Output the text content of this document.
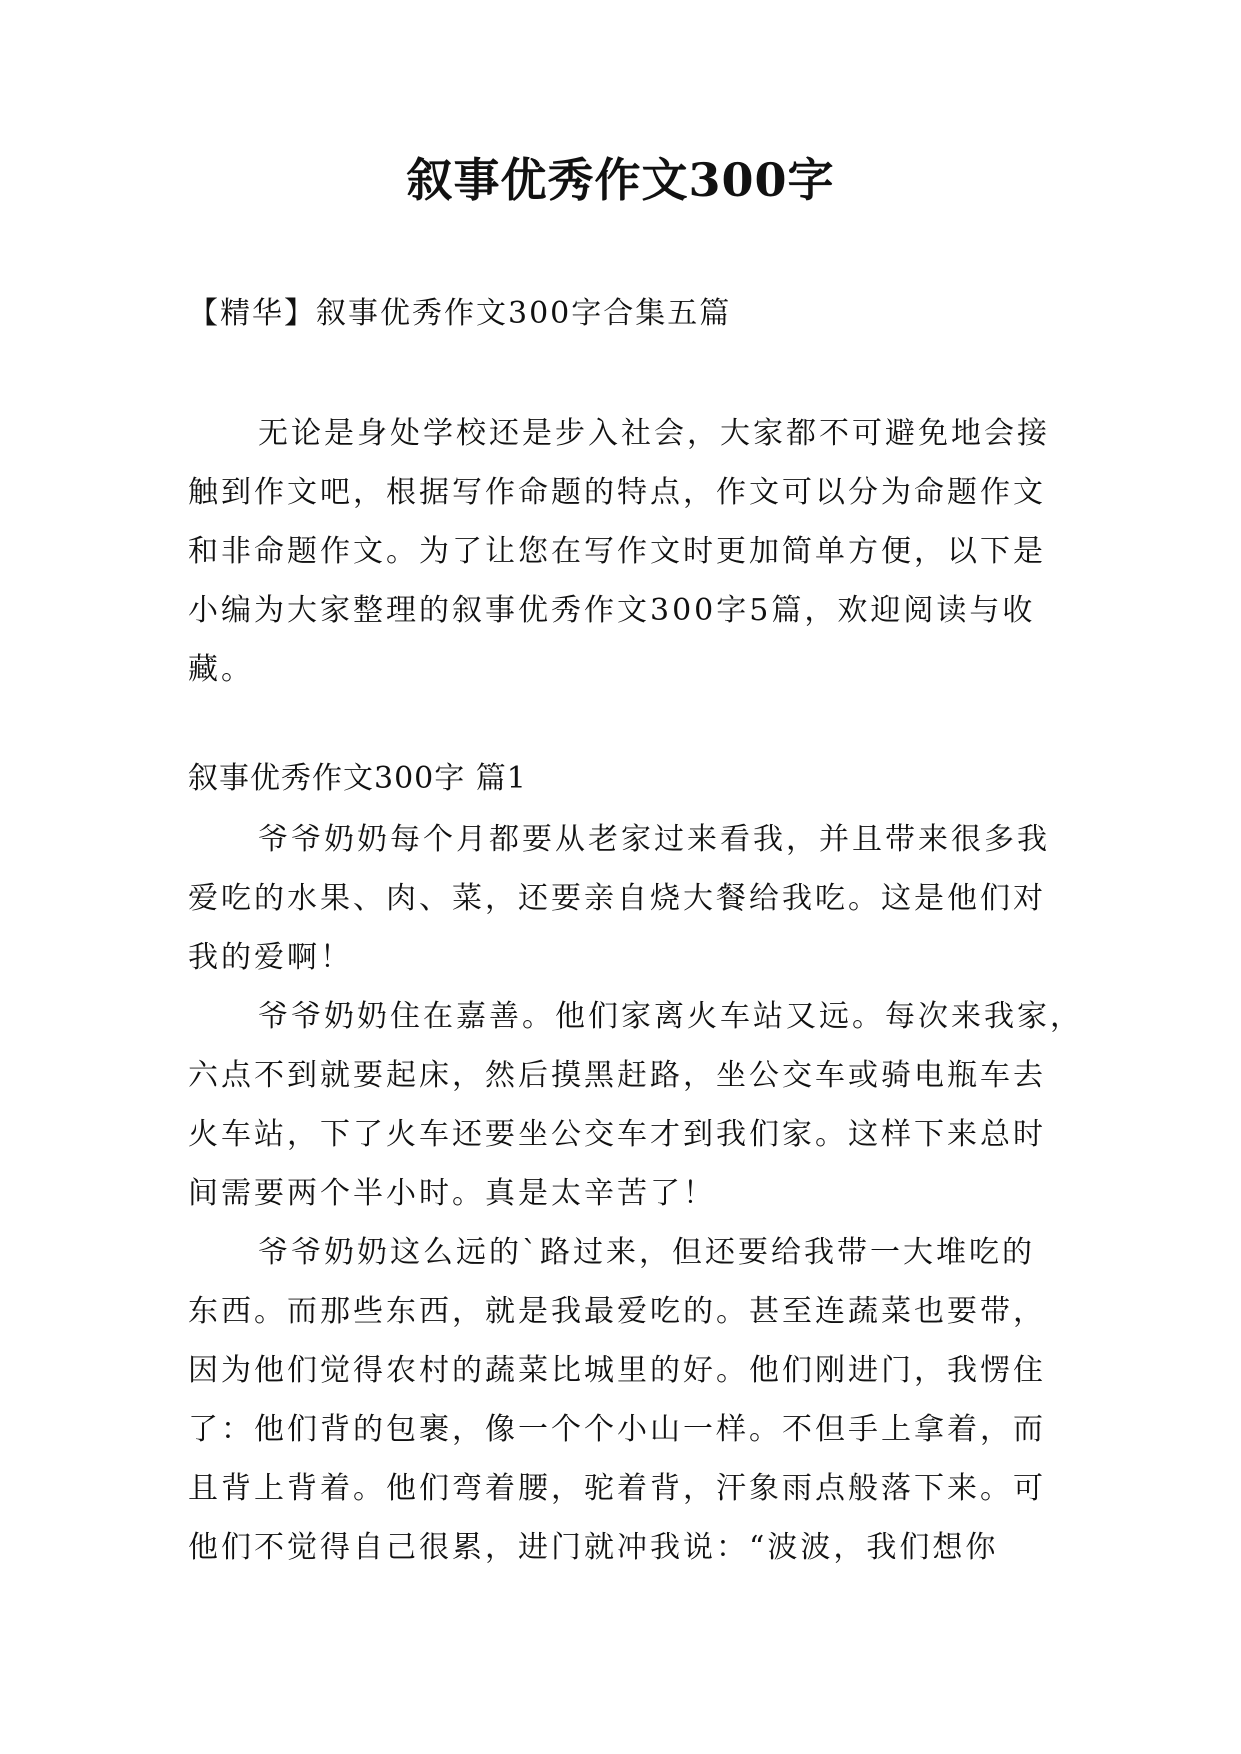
叙事优秀作文300字

【精华】叙事优秀作文300字合集五篇

无论是身处学校还是步入社会，大家都不可避免地会接
触到作文吧，根据写作命题的特点，作文可以分为命题作文
和非命题作文。为了让您在写作文时更加简单方便，以下是
小编为大家整理的叙事优秀作文300字5篇，欢迎阅读与收
藏。

叙事优秀作文300字 篇1

爷爷奶奶每个月都要从老家过来看我，并且带来很多我
爱吃的水果、肉、菜，还要亲自烧大餐给我吃。这是他们对
我的爱啊！
爷爷奶奶住在嘉善。他们家离火车站又远。每次来我家，
六点不到就要起床，然后摸黑赶路，坐公交车或骑电瓶车去
火车站，下了火车还要坐公交车才到我们家。这样下来总时
间需要两个半小时。真是太辛苦了！
爷爷奶奶这么远的`路过来，但还要给我带一大堆吃的
东西。而那些东西，就是我最爱吃的。甚至连蔬菜也要带，
因为他们觉得农村的蔬菜比城里的好。他们刚进门，我愣住
了：他们背的包裹，像一个个小山一样。不但手上拿着，而
且背上背着。他们弯着腰，驼着背，汗象雨点般落下来。可
他们不觉得自己很累，进门就冲我说：“波波，我们想你
